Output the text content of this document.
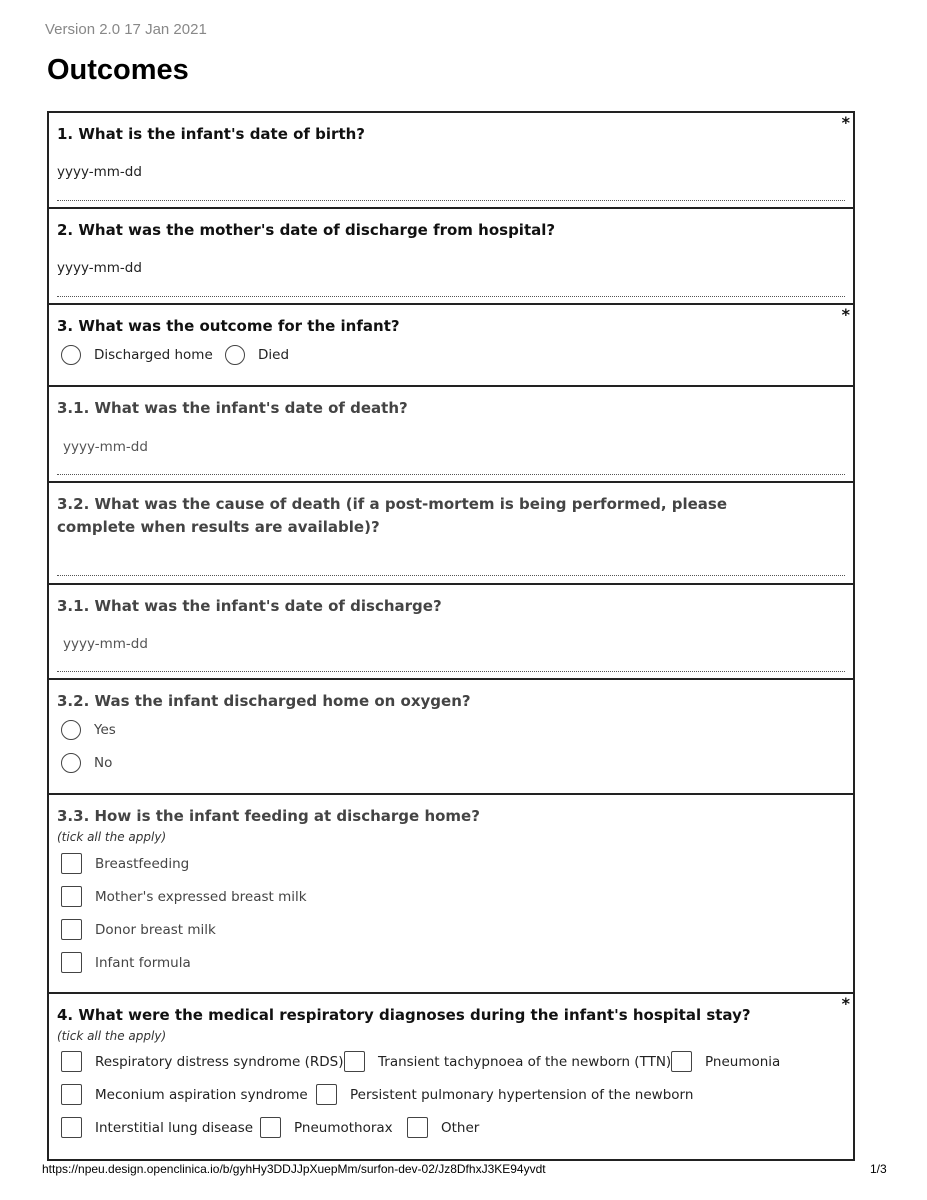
Version 2.0 17 Jan 2021
Outcomes
*
1. What is the infant's date of birth?
yyyy-mm-dd
2. What was the mother's date of discharge from hospital?
yyyy-mm-dd
*
3. What was the outcome for the infant?
Discharged home	Died
3.1. What was the infant's date of death?
yyyy-mm-dd
3.2. What was the cause of death (if a post-mortem is being performed, please complete when results are available)?
3.1. What was the infant's date of discharge?
yyyy-mm-dd
3.2. Was the infant discharged home on oxygen?
Yes
No
3.3. How is the infant feeding at discharge home?
(tick all the apply)
Breastfeeding
Mother's expressed breast milk
Donor breast milk
Infant formula
*
4. What were the medical respiratory diagnoses during the infant's hospital stay?
(tick all the apply)
Respiratory distress syndrome (RDS)	Transient tachypnoea of the newborn (TTN)	Pneumonia
Meconium aspiration syndrome	Persistent pulmonary hypertension of the newborn
Interstitial lung disease	Pneumothorax	Other
https://npeu.design.openclinica.io/b/gyhHy3DDJJpXuepMm/surfon-dev-02/Jz8DfhxJ3KE94yvdt	1/3
